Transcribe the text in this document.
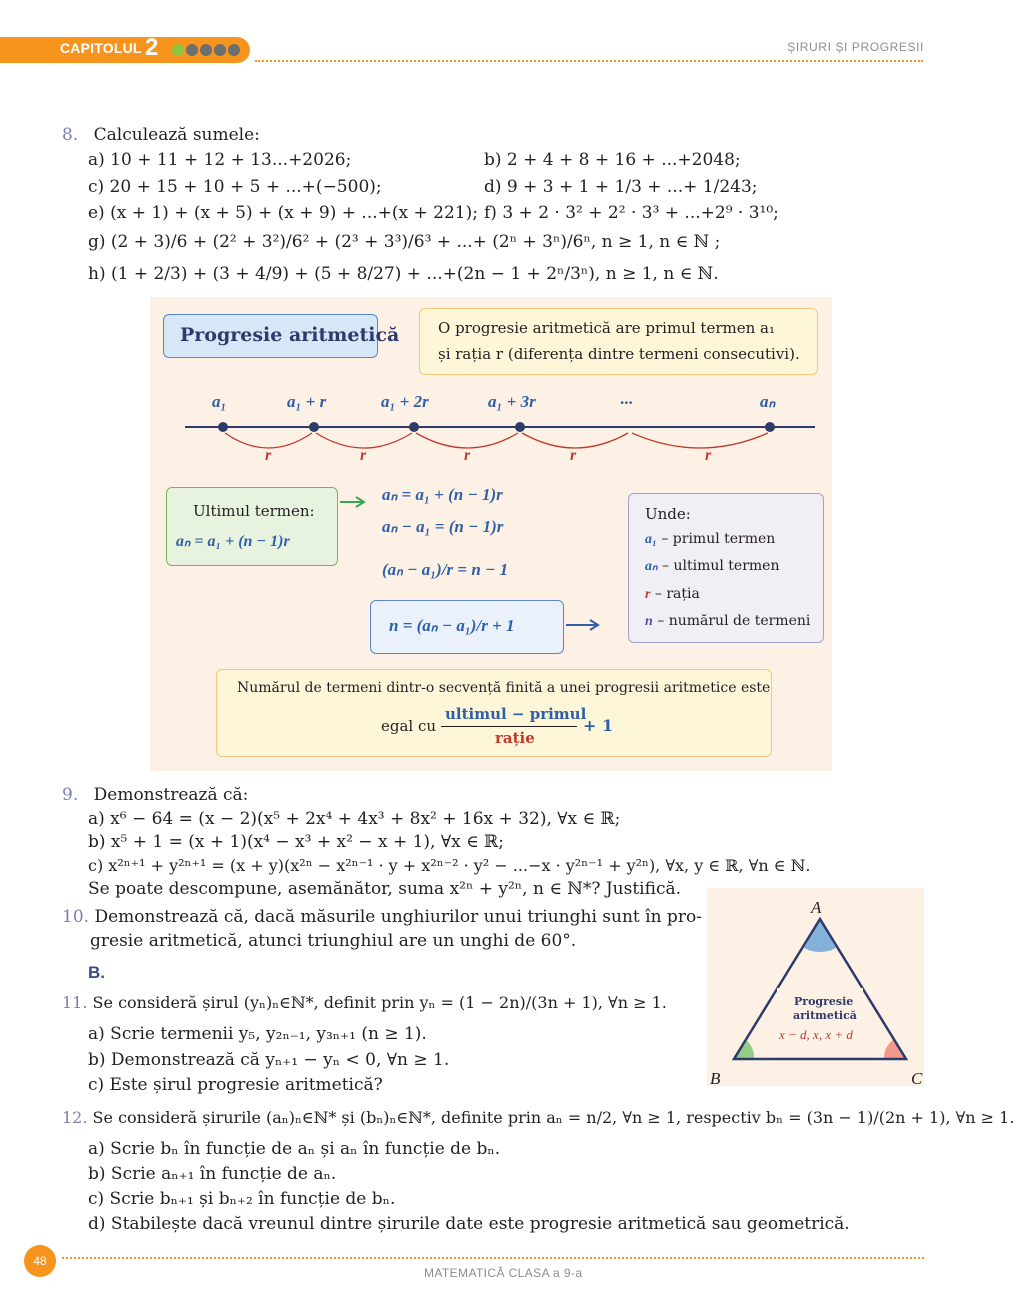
CAPITOLUL 2	ȘIRURI ȘI PROGRESII
8. Calculează sumele:
a) 10 + 11 + 12 + 13...+2026;	b) 2 + 4 + 8 + 16 + ...+2048;
c) 20 + 15 + 10 + 5 + ...+(−500);	d) 9 + 3 + 1 + 1/3 + ...+ 1/243;
e) (x + 1) + (x + 5) + (x + 9) + ...+(x + 221); f) 3 + 2 · 3² + 2² · 3³ + ...+2⁹ · 3¹⁰;
g) (2 + 3)/6 + (2² + 3²)/6² + (2³ + 3³)/6³ + ...+ (2ⁿ + 3ⁿ)/6ⁿ, n ≥ 1, n ∈ ℕ ;
h) (1 + 2/3) + (3 + 4/9) + (5 + 8/27) + ...+(2n − 1 + 2ⁿ/3ⁿ), n ≥ 1, n ∈ ℕ.
Progresie aritmetică	O progresie aritmetică are primul termen a₁
și rația r (diferența dintre termeni consecutivi).
a₁	a₁ + r	a₁ + 2r	a₁ + 3r	...	aₙ
r	r	r	r	r
Ultimul termen:
aₙ = a₁ + (n − 1)r
aₙ = a₁ + (n − 1)r
aₙ − a₁ = (n − 1)r
(aₙ − a₁)/r = n − 1
n = (aₙ − a₁)/r + 1
Unde:
a₁ – primul termen
aₙ – ultimul termen
r – rația
n – numărul de termeni
Numărul de termeni dintr-o secvență finită a unei progresii aritmetice este
egal cu
ultimul − primul
rație
+ 1
9. Demonstrează că:
a) x⁶ − 64 = (x − 2)(x⁵ + 2x⁴ + 4x³ + 8x² + 16x + 32), ∀x ∈ ℝ;
b) x⁵ + 1 = (x + 1)(x⁴ − x³ + x² − x + 1), ∀x ∈ ℝ;
c) x²ⁿ⁺¹ + y²ⁿ⁺¹ = (x + y)(x²ⁿ − x²ⁿ⁻¹ · y + x²ⁿ⁻² · y² − ...−x · y²ⁿ⁻¹ + y²ⁿ), ∀x, y ∈ ℝ, ∀n ∈ ℕ.
Se poate descompune, asemănător, suma x²ⁿ + y²ⁿ, n ∈ ℕ*? Justifică.
10. Demonstrează că, dacă măsurile unghiurilor unui triunghi sunt în pro-
gresie aritmetică, atunci triunghiul are un unghi de 60°.
B.
11. Se consideră șirul (yₙ)ₙ∈ℕ*, definit prin yₙ = (1 − 2n)/(3n + 1), ∀n ≥ 1.
a) Scrie termenii y₅, y₂ₙ₋₁, y₃ₙ₊₁ (n ≥ 1).
b) Demonstrează că yₙ₊₁ − yₙ < 0, ∀n ≥ 1.
c) Este șirul progresie aritmetică?
A
B	C
Progresie
aritmetică
x − d, x, x + d
12. Se consideră șirurile (aₙ)ₙ∈ℕ* și (bₙ)ₙ∈ℕ*, definite prin aₙ = n/2, ∀n ≥ 1, respectiv bₙ = (3n − 1)/(2n + 1), ∀n ≥ 1.
a) Scrie bₙ în funcție de aₙ și aₙ în funcție de bₙ.
b) Scrie aₙ₊₁ în funcție de aₙ.
c) Scrie bₙ₊₁ și bₙ₊₂ în funcție de bₙ.
d) Stabilește dacă vreunul dintre șirurile date este progresie aritmetică sau geometrică.
48
MATEMATICĂ CLASA a 9-a
